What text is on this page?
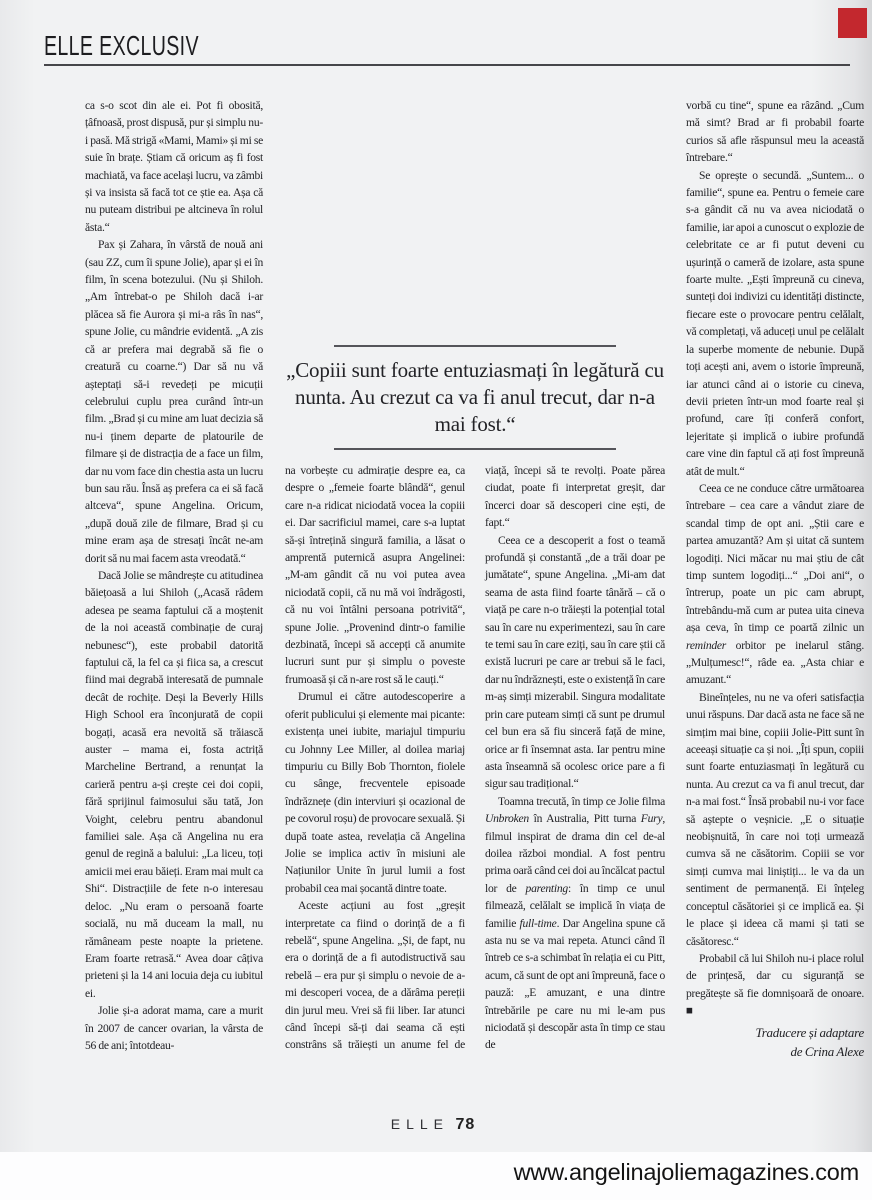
ELLE EXCLUSIV

ca s-o scot din ale ei. Pot fi obosită, țâfnoasă, prost dispusă, pur și simplu nu-i pasă. Mă strigă «Mami, Mami» și mi se suie în brațe. Știam că oricum aș fi fost machiată, va face același lucru, va zâmbi și va insista să facă tot ce știe ea. Așa că nu puteam distribui pe altcineva în rolul ăsta.“

Pax și Zahara, în vârstă de nouă ani (sau ZZ, cum îi spune Jolie), apar și ei în film, în scena botezului. (Nu și Shiloh. „Am întrebat-o pe Shiloh dacă i-ar plăcea să fie Aurora și mi-a râs în nas“, spune Jolie, cu mândrie evidentă. „A zis că ar prefera mai degrabă să fie o creatură cu coarne.“) Dar să nu vă așteptați să-i revedeți pe micuții celebrului cuplu prea curând într-un film. „Brad și cu mine am luat decizia să nu-i ținem departe de platourile de filmare și de distracția de a face un film, dar nu vom face din chestia asta un lucru bun sau rău. Însă aș prefera ca ei să facă altceva“, spune Angelina. Oricum, „după două zile de filmare, Brad și cu mine eram așa de stresați încât ne-am dorit să nu mai facem asta vreodată.“

Dacă Jolie se mândrește cu atitudinea băiețoasă a lui Shiloh („Acasă râdem adesea pe seama faptului că a moștenit de la noi această combinație de curaj nebunesc“), este probabil datorită faptului că, la fel ca și fiica sa, a crescut fiind mai degrabă interesată de pumnale decât de rochițe. Deși la Beverly Hills High School era înconjurată de copii bogați, acasă era nevoită să trăiască auster – mama ei, fosta actriță Marcheline Bertrand, a renunțat la carieră pentru a-și crește cei doi copii, fără sprijinul faimosului său tată, Jon Voight, celebru pentru abandonul familiei sale. Așa că Angelina nu era genul de regină a balului: „La liceu, toți amicii mei erau băieți. Eram mai mult ca Shi“. Distracțiile de fete n-o interesau deloc. „Nu eram o persoană foarte socială, nu mă duceam la mall, nu rămâneam peste noapte la prietene. Eram foarte retrasă.“ Avea doar câțiva prieteni și la 14 ani locuia deja cu iubitul ei.

Jolie și-a adorat mama, care a murit în 2007 de cancer ovarian, la vârsta de 56 de ani; întotdeau-

„Copiii sunt foarte entuziasmați în legătură cu nunta. Au crezut ca va fi anul trecut, dar n-a mai fost.“

na vorbește cu admirație despre ea, ca despre o „femeie foarte blândă“, genul care n-a ridicat niciodată vocea la copiii ei. Dar sacrificiul mamei, care s-a luptat să-și întrețină singură familia, a lăsat o amprentă puternică asupra Angelinei: „M-am gândit că nu voi putea avea niciodată copii, că nu mă voi îndrăgosti, că nu voi întâlni persoana potrivită“, spune Jolie. „Provenind dintr-o familie dezbinată, începi să accepți că anumite lucruri sunt pur și simplu o poveste frumoasă și că n-are rost să le cauți.“

Drumul ei către autodescoperire a oferit publicului și elemente mai picante: existența unei iubite, mariajul timpuriu cu Johnny Lee Miller, al doilea mariaj timpuriu cu Billy Bob Thornton, fiolele cu sânge, frecventele episoade îndrăznețe (din interviuri și ocazional de pe covorul roșu) de provocare sexuală. Și după toate astea, revelația că Angelina Jolie se implica activ în misiuni ale Națiunilor Unite în jurul lumii a fost probabil cea mai șocantă dintre toate.

Aceste acțiuni au fost „greșit interpretate ca fiind o dorință de a fi rebelă“, spune Angelina. „Și, de fapt, nu era o dorință de a fi autodistructivă sau rebelă – era pur și simplu o nevoie de a-mi descoperi vocea, de a dărâma pereții din jurul meu. Vrei să fii liber. Iar atunci când începi să-ți dai seama că ești constrâns să trăiești un anume fel de viață, începi să te revolți. Poate părea ciudat, poate fi interpretat greșit, dar încerci doar să descoperi cine ești, de fapt.“

Ceea ce a descoperit a fost o teamă profundă și constantă „de a trăi doar pe jumătate“, spune Angelina. „Mi-am dat seama de asta fiind foarte tânără – că o viață pe care n-o trăiești la potențial total sau în care nu experimentezi, sau în care te temi sau în care eziți, sau în care știi că există lucruri pe care ar trebui să le faci, dar nu îndrăznești, este o existență în care m-aș simți mizerabil. Singura modalitate prin care puteam simți că sunt pe drumul cel bun era să fiu sinceră față de mine, orice ar fi însemnat asta. Iar pentru mine asta înseamnă să ocolesc orice pare a fi sigur sau tradițional.“

Toamna trecută, în timp ce Jolie filma Unbroken în Australia, Pitt turna Fury, filmul inspirat de drama din cel de-al doilea război mondial. A fost pentru prima oară când cei doi au încălcat pactul lor de parenting: în timp ce unul filmează, celălalt se implică în viața de familie full-time. Dar Angelina spune că asta nu se va mai repeta. Atunci când îl întreb ce s-a schimbat în relația ei cu Pitt, acum, că sunt de opt ani împreună, face o pauză: „E amuzant, e una dintre întrebările pe care nu mi le-am pus niciodată și descopăr asta în timp ce stau de

vorbă cu tine“, spune ea râzând. „Cum mă simt? Brad ar fi probabil foarte curios să afle răspunsul meu la această întrebare.“

Se oprește o secundă. „Suntem... o familie“, spune ea. Pentru o femeie care s-a gândit că nu va avea niciodată o familie, iar apoi a cunoscut o explozie de celebritate ce ar fi putut deveni cu ușurință o cameră de izolare, asta spune foarte multe. „Ești împreună cu cineva, sunteți doi indivizi cu identități distincte, fiecare este o provocare pentru celălalt, vă completați, vă aduceți unul pe celălalt la superbe momente de nebunie. După toți acești ani, avem o istorie împreună, iar atunci când ai o istorie cu cineva, devii prieten într-un mod foarte real și profund, care îți conferă confort, lejeritate și implică o iubire profundă care vine din faptul că ați fost împreună atât de mult.“

Ceea ce ne conduce către următoarea întrebare – cea care a vândut ziare de scandal timp de opt ani. „Știi care e partea amuzantă? Am și uitat că suntem logodiți. Nici măcar nu mai știu de cât timp suntem logodiți...“ „Doi ani“, o întrerup, poate un pic cam abrupt, întrebându-mă cum ar putea uita cineva așa ceva, în timp ce poartă zilnic un reminder orbitor pe inelarul stâng. „Mulțumesc!“, râde ea. „Asta chiar e amuzant.“

Bineînțeles, nu ne va oferi satisfacția unui răspuns. Dar dacă asta ne face să ne simțim mai bine, copiii Jolie-Pitt sunt în aceeași situație ca și noi. „Îți spun, copiii sunt foarte entuziasmați în legătură cu nunta. Au crezut ca va fi anul trecut, dar n-a mai fost.“ Însă probabil nu-i vor face să aștepte o veșnicie. „E o situație neobișnuită, în care noi toți urmează cumva să ne căsătorim. Copiii se vor simți cumva mai liniștiți... le va da un sentiment de permanență. Ei înțeleg conceptul căsătoriei și ce implică ea. Și le place și ideea că mami și tati se căsătoresc.“

Probabil că lui Shiloh nu-i place rolul de prințesă, dar cu siguranță se pregătește să fie domnișoară de onoare. ■

Traducere și adaptare
de Crina Alexe
ELLE 78
www.angelinajoliemagazines.com
